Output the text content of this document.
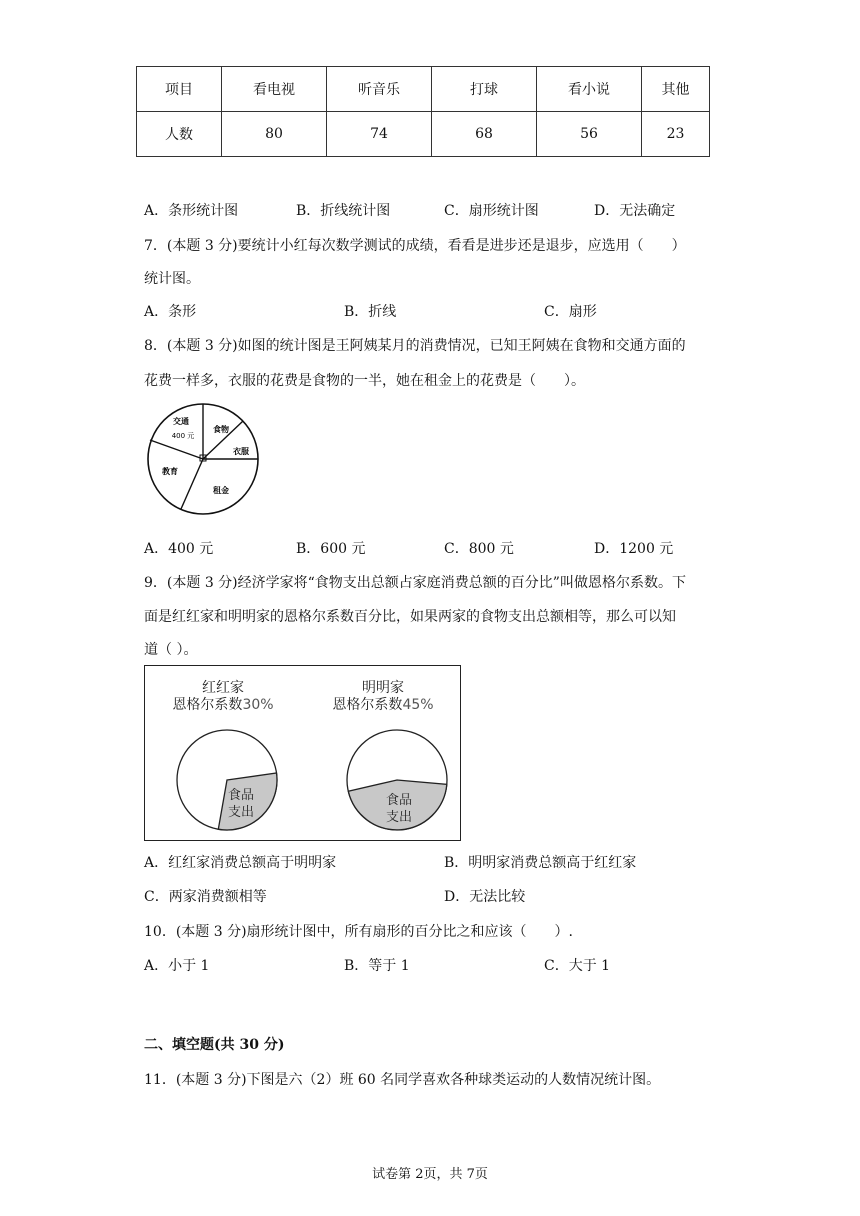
项目	看电视	听音乐	打球	看小说	其他
人数	80	74	68	56	23
A．条形统计图	B．折线统计图	C．扇形统计图	D．无法确定
7．(本题 3 分)要统计小红每次数学测试的成绩，看看是进步还是退步，应选用（　　）
统计图。
A．条形	B．折线	C．扇形
8．(本题 3 分)如图的统计图是王阿姨某月的消费情况，已知王阿姨在食物和交通方面的
花费一样多，衣服的花费是食物的一半，她在租金上的花费是（　　）。
交通
400 元
食物
衣服
教育
租金
A．400 元	B．600 元	C．800 元	D．1200 元
9．(本题 3 分)经济学家将“食物支出总额占家庭消费总额的百分比”叫做恩格尔系数。下
面是红红家和明明家的恩格尔系数百分比，如果两家的食物支出总额相等，那么可以知
道（ ）。
红红家
恩格尔系数30%
明明家
恩格尔系数45%
食品
支出
食品
支出
A．红红家消费总额高于明明家	B．明明家消费总额高于红红家
C．两家消费额相等	D．无法比较
10．(本题 3 分)扇形统计图中，所有扇形的百分比之和应该（　　）.
A．小于 1	B．等于 1	C．大于 1
二、填空题(共 30 分)
11．(本题 3 分)下图是六（2）班 60 名同学喜欢各种球类运动的人数情况统计图。
试卷第 2页，共 7页
